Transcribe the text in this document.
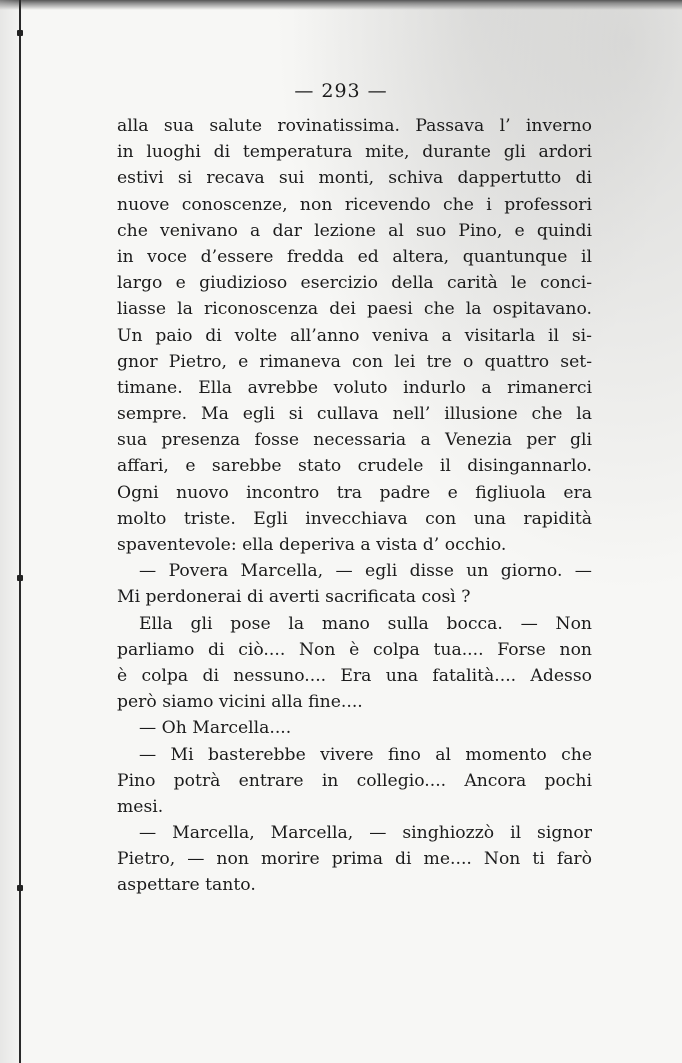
— 293 —
alla sua salute rovinatissima. Passava l’ inverno
in luoghi di temperatura mite, durante gli ardori
estivi si recava sui monti, schiva dappertutto di
nuove conoscenze, non ricevendo che i professori
che venivano a dar lezione al suo Pino, e quindi
in voce d’essere fredda ed altera, quantunque il
largo e giudizioso esercizio della carità le conci-
liasse la riconoscenza dei paesi che la ospitavano.
Un paio di volte all’anno veniva a visitarla il si-
gnor Pietro, e rimaneva con lei tre o quattro set-
timane. Ella avrebbe voluto indurlo a rimanerci
sempre. Ma egli si cullava nell’ illusione che la
sua presenza fosse necessaria a Venezia per gli
affari, e sarebbe stato crudele il disingannarlo.
Ogni nuovo incontro tra padre e figliuola era
molto triste. Egli invecchiava con una rapidità
spaventevole: ella deperiva a vista d’ occhio.
— Povera Marcella, — egli disse un giorno. —
Mi perdonerai di averti sacrificata così ?
Ella gli pose la mano sulla bocca. — Non
parliamo di ciò.... Non è colpa tua.... Forse non
è colpa di nessuno.... Era una fatalità.... Adesso
però siamo vicini alla fine....
— Oh Marcella....
— Mi basterebbe vivere fino al momento che
Pino potrà entrare in collegio.... Ancora pochi
mesi.
— Marcella, Marcella, — singhiozzò il signor
Pietro, — non morire prima di me.... Non ti farò
aspettare tanto.
